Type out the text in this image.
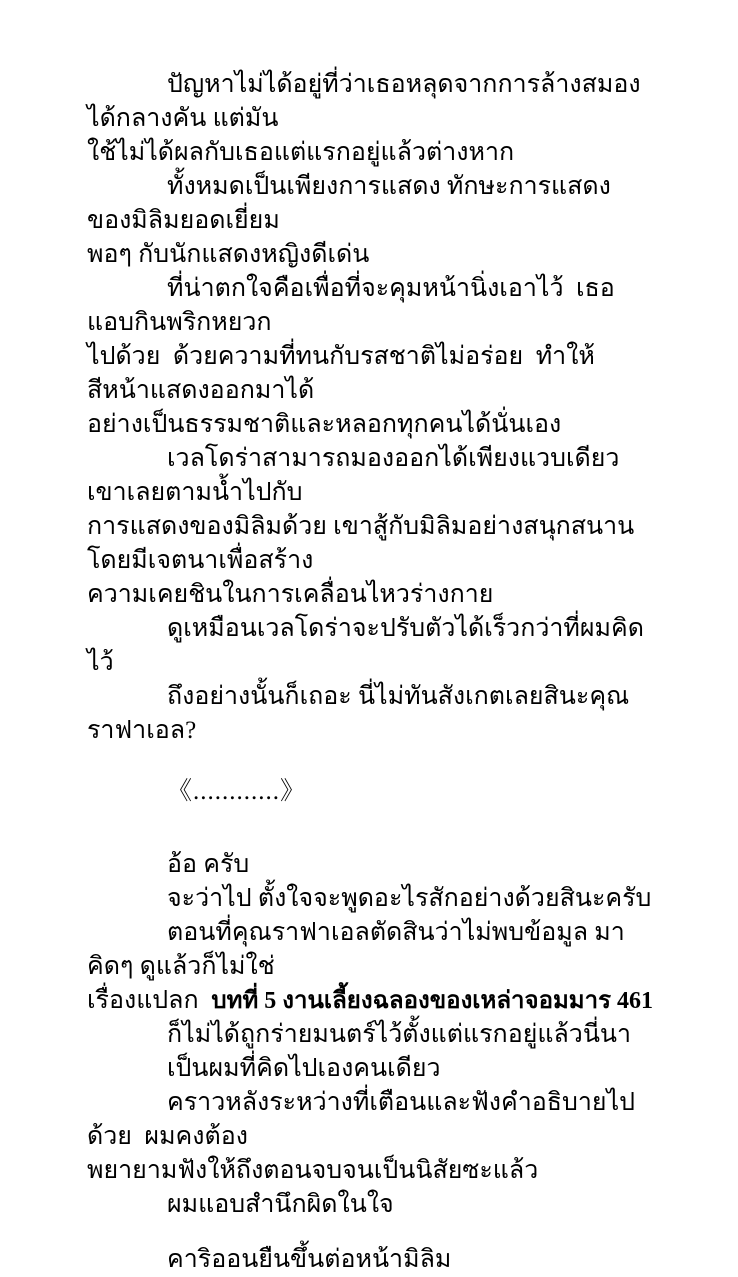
ปัญหาไม่ได้อยู่ที่ว่าเธอหลุดจากการล้างสมองได้กลางคัน แต่มัน
ใช้ไม่ได้ผลกับเธอแต่แรกอยู่แล้วต่างหาก
ทั้งหมดเป็นเพียงการแสดง ทักษะการแสดงของมิลิมยอดเยี่ยม
พอๆ กับนักแสดงหญิงดีเด่น
ที่น่าตกใจคือเพื่อที่จะคุมหน้านิ่งเอาไว้  เธอแอบกินพริกหยวก
ไปด้วย  ด้วยความที่ทนกับรสชาติไม่อร่อย  ทำให้สีหน้าแสดงออกมาได้
อย่างเป็นธรรมชาติและหลอกทุกคนได้นั่นเอง
เวลโดร่าสามารถมองออกได้เพียงแวบเดียว เขาเลยตามน้ำไปกับ
การแสดงของมิลิมด้วย เขาสู้กับมิลิมอย่างสนุกสนานโดยมีเจตนาเพื่อสร้าง
ความเคยชินในการเคลื่อนไหวร่างกาย
ดูเหมือนเวลโดร่าจะปรับตัวได้เร็วกว่าที่ผมคิดไว้
ถึงอย่างนั้นก็เถอะ นี่ไม่ทันสังเกตเลยสินะคุณราฟาเอล?
《............》
อ้อ ครับ
จะว่าไป ตั้งใจจะพูดอะไรสักอย่างด้วยสินะครับ
ตอนที่คุณราฟาเอลตัดสินว่าไม่พบข้อมูล มาคิดๆ ดูแล้วก็ไม่ใช่
เรื่องแปลก
ก็ไม่ได้ถูกร่ายมนตร์ไว้ตั้งแต่แรกอยู่แล้วนี่นา
เป็นผมที่คิดไปเองคนเดียว
คราวหลังระหว่างที่เตือนและฟังคำอธิบายไปด้วย  ผมคงต้อง
พยายามฟังให้ถึงตอนจบจนเป็นนิสัยซะแล้ว
ผมแอบสำนึกผิดในใจ
คาริออนยืนขึ้นต่อหน้ามิลิม

บทที่ 5 งานเลี้ยงฉลองของเหล่าจอมมาร 461
